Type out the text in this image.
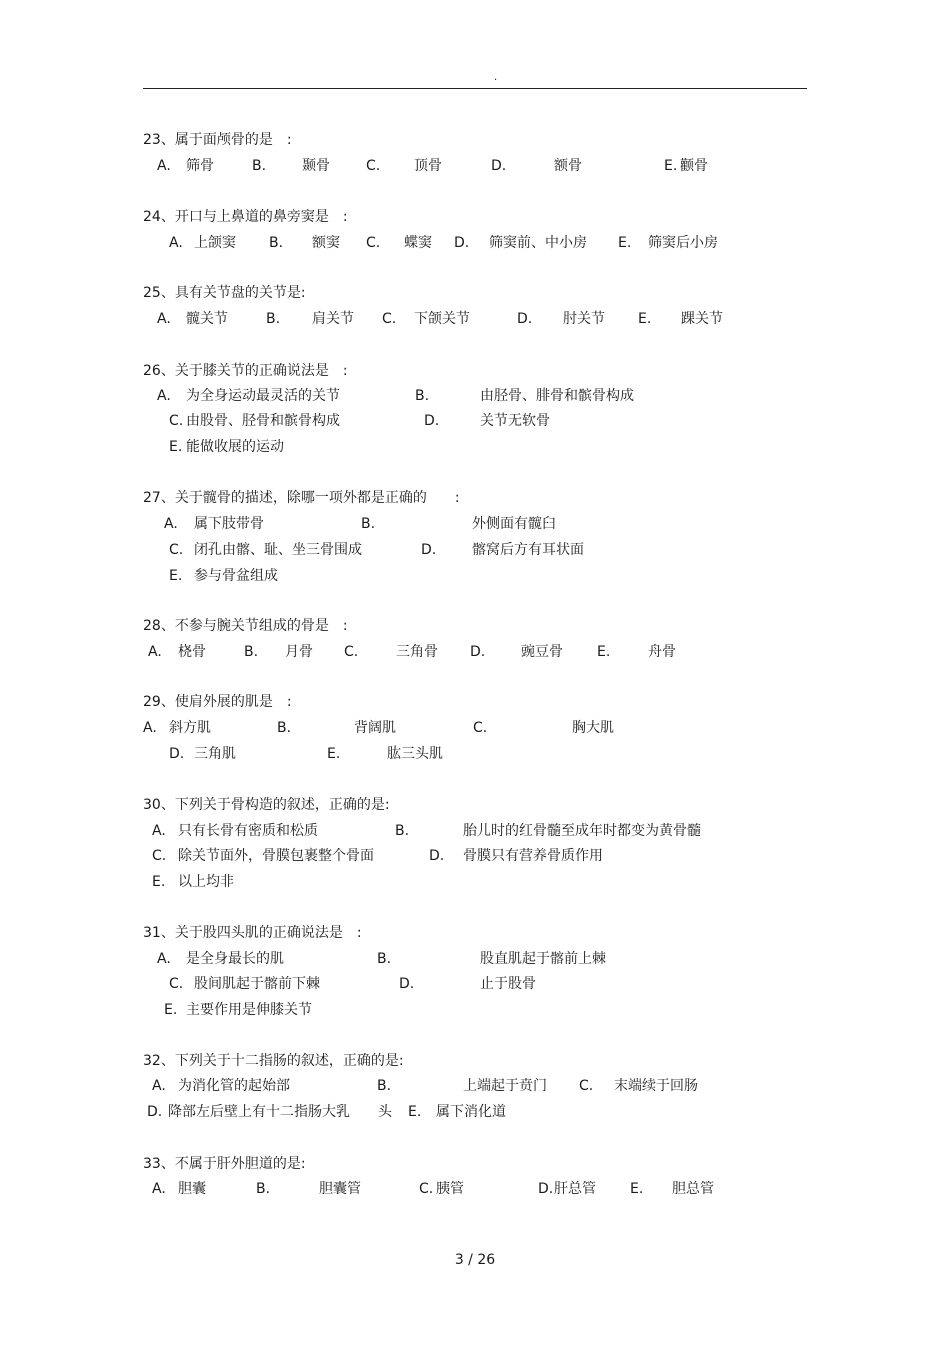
.
23、属于面颅骨的是　:
A. 筛骨	B.	颞骨	C. 顶骨	D.	额骨	E. 颧骨
24、开口与上鼻道的鼻旁窦是　:
A. 上颌窦 B. 额窦 C. 蝶窦 D. 筛窦前、中小房 E. 筛窦后小房
25、具有关节盘的关节是:
A. 髋关节	B. 肩关节 C. 下颌关节	D. 肘关节 E. 踝关节
26、关于膝关节的正确说法是　:
A. 为全身运动最灵活的关节	B.	由胫骨、腓骨和髌骨构成
C. 由股骨、胫骨和髌骨构成	D.	关节无软骨
E. 能做收展的运动
27、关于髋骨的描述，除哪一项外都是正确的　　:
A. 属下肢带骨	B.	外侧面有髋臼
C. 闭孔由髂、耻、坐三骨围成	D.	髂窝后方有耳状面
E. 参与骨盆组成
28、不参与腕关节组成的骨是　:
A. 桡骨	B. 月骨 C.	三角骨 D.	豌豆骨 E.	舟骨
29、使肩外展的肌是　:
A. 斜方肌	B.	背阔肌	C.	胸大肌
D. 三角肌	E.	肱三头肌
30、下列关于骨构造的叙述，正确的是:
A. 只有长骨有密质和松质	B.	胎儿时的红骨髓至成年时都变为黄骨髓
C. 除关节面外，骨膜包裹整个骨面	D. 骨膜只有营养骨质作用
E. 以上均非
31、关于股四头肌的正确说法是　:
A. 是全身最长的肌	B.	股直肌起于髂前上棘
C. 股间肌起于髂前下棘	D.	止于股骨
E. 主要作用是伸膝关节
32、下列关于十二指肠的叙述，正确的是:
A. 为消化管的起始部	B.	上端起于贲门 C. 末端续于回肠
D. 降部左后壁上有十二指肠大乳　　头 E. 属下消化道
33、不属于肝外胆道的是:
A. 胆囊	B.	胆囊管	C. 胰管	D. 肝总管 E. 胆总管
3 / 26
